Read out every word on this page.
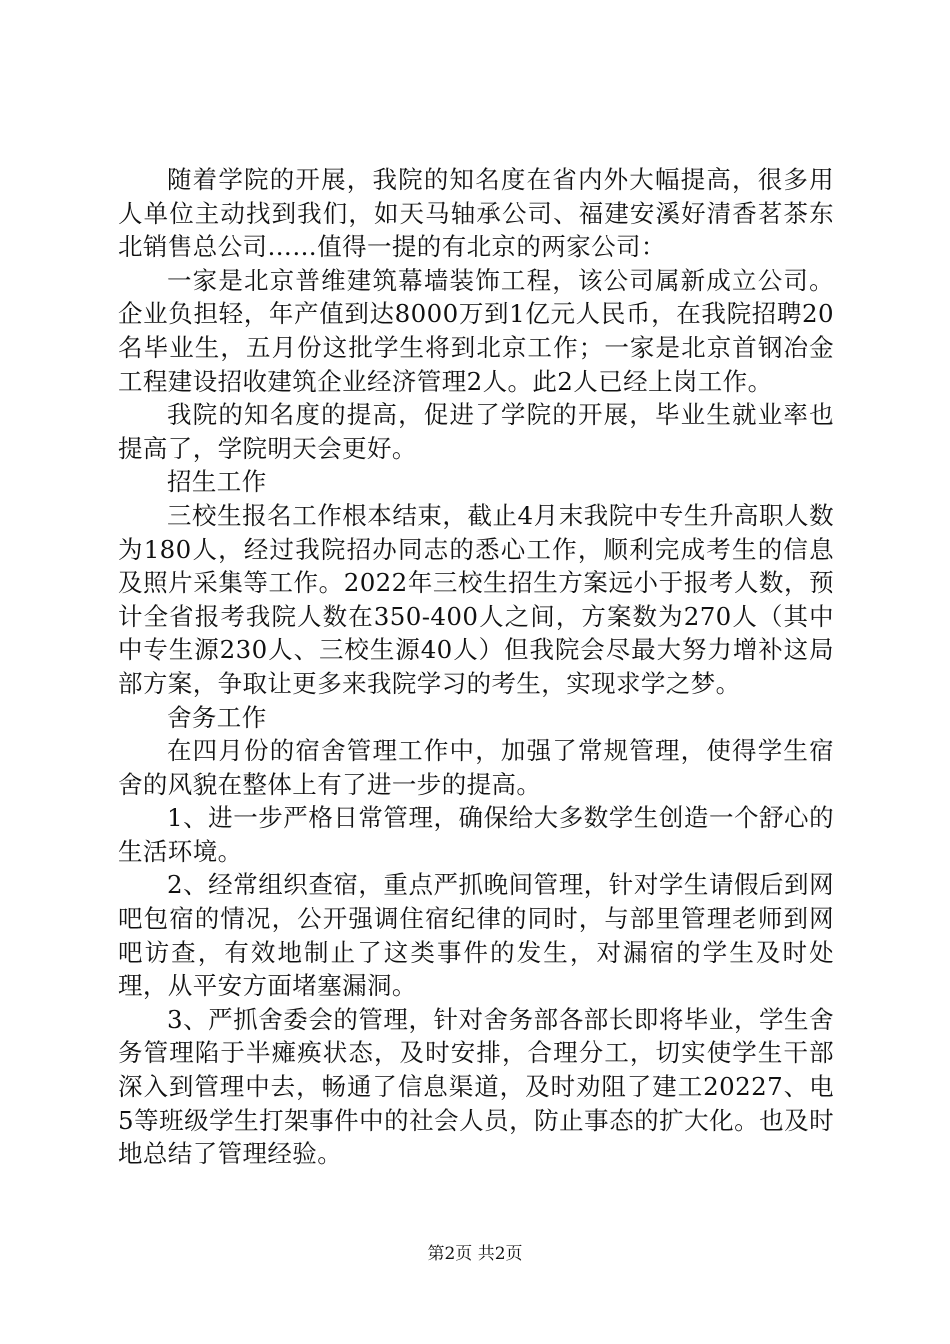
随着学院的开展，我院的知名度在省内外大幅提高，很多用人单位主动找到我们，如天马轴承公司、福建安溪好清香茗茶东北销售总公司……值得一提的有北京的两家公司：

一家是北京普维建筑幕墙装饰工程，该公司属新成立公司。企业负担轻，年产值到达8000万到1亿元人民币，在我院招聘20名毕业生，五月份这批学生将到北京工作；一家是北京首钢冶金工程建设招收建筑企业经济管理2人。此2人已经上岗工作。

我院的知名度的提高，促进了学院的开展，毕业生就业率也提高了，学院明天会更好。

招生工作

三校生报名工作根本结束，截止4月末我院中专生升高职人数为180人，经过我院招办同志的悉心工作，顺利完成考生的信息及照片采集等工作。2022年三校生招生方案远小于报考人数，预计全省报考我院人数在350-400人之间，方案数为270人（其中中专生源230人、三校生源40人）但我院会尽最大努力增补这局部方案，争取让更多来我院学习的考生，实现求学之梦。

舍务工作

在四月份的宿舍管理工作中，加强了常规管理，使得学生宿舍的风貌在整体上有了进一步的提高。

1、进一步严格日常管理，确保给大多数学生创造一个舒心的生活环境。

2、经常组织查宿，重点严抓晚间管理，针对学生请假后到网吧包宿的情况，公开强调住宿纪律的同时，与部里管理老师到网吧访查，有效地制止了这类事件的发生，对漏宿的学生及时处理，从平安方面堵塞漏洞。

3、严抓舍委会的管理，针对舍务部各部长即将毕业，学生舍务管理陷于半瘫痪状态，及时安排，合理分工，切实使学生干部深入到管理中去，畅通了信息渠道，及时劝阻了建工20227、电5等班级学生打架事件中的社会人员，防止事态的扩大化。也及时地总结了管理经验。

第2页 共2页
